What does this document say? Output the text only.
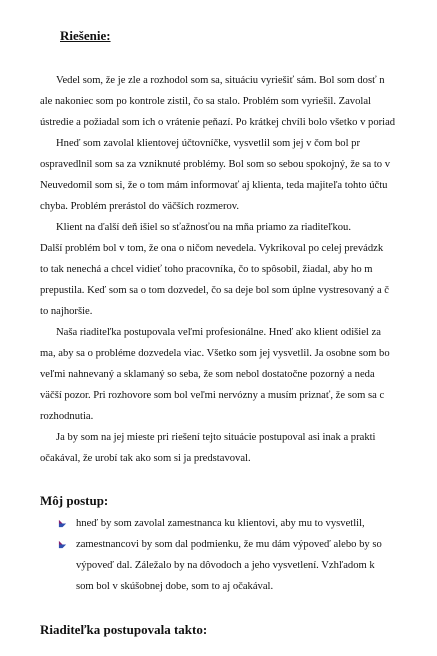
Riešenie:
Vedel som, že je zle a rozhodol som sa, situáciu vyriešiť sám. Bol som dosť n
ale nakoniec som po kontrole zistil, čo sa stalo. Problém som vyriešil. Zavolal
ústredie a požiadal som ich o vrátenie peňazí. Po krátkej chvíli bolo všetko v poriad
Hneď som zavolal klientovej účtovníčke, vysvetlil som jej v čom bol pr
ospravedlnil som sa za vzniknuté problémy. Bol som so sebou spokojný, že sa to v
Neuvedomil som si, že o tom mám informovať aj klienta, teda majiteľa tohto účtu
chyba. Problém prerástol do väčších rozmerov.
Klient na ďalší deň išiel so sťažnosťou na mňa priamo za riaditeľkou.
Další problém bol v tom, že ona o ničom nevedela. Vykrikoval po celej prevádzk
to tak nenechá a chcel vidieť toho pracovníka, čo to spôsobil, žiadal, aby ho m
prepustila. Keď som sa o tom dozvedel, čo sa deje bol som úplne vystresovaný a č
to najhoršie.
Naša riaditeľka postupovala veľmi profesionálne. Hneď ako klient odišiel za
ma, aby sa o probléme dozvedela viac. Všetko som jej vysvetlil. Ja osobne som bo
veľmi nahnevaný a sklamaný so seba, že som nebol dostatočne pozorný a neda
väčší pozor. Pri rozhovore som bol veľmi nervózny a musím priznať, že som sa c
rozhodnutia.
Ja by som na jej mieste pri riešení tejto situácie postupoval asi inak a prakti
očakával, že urobí tak ako som si ja predstavoval.
Môj postup:
hneď by som zavolal zamestnanca ku klientovi, aby mu to vysvetlil,
zamestnancovi by som dal podmienku, že mu dám výpoveď alebo by so
výpoveď dal. Záležalo by na dôvodoch a jeho vysvetlení. Vzhľadom k
som bol v skúšobnej dobe, som to aj očakával.
Riaditeľka postupovala takto:
